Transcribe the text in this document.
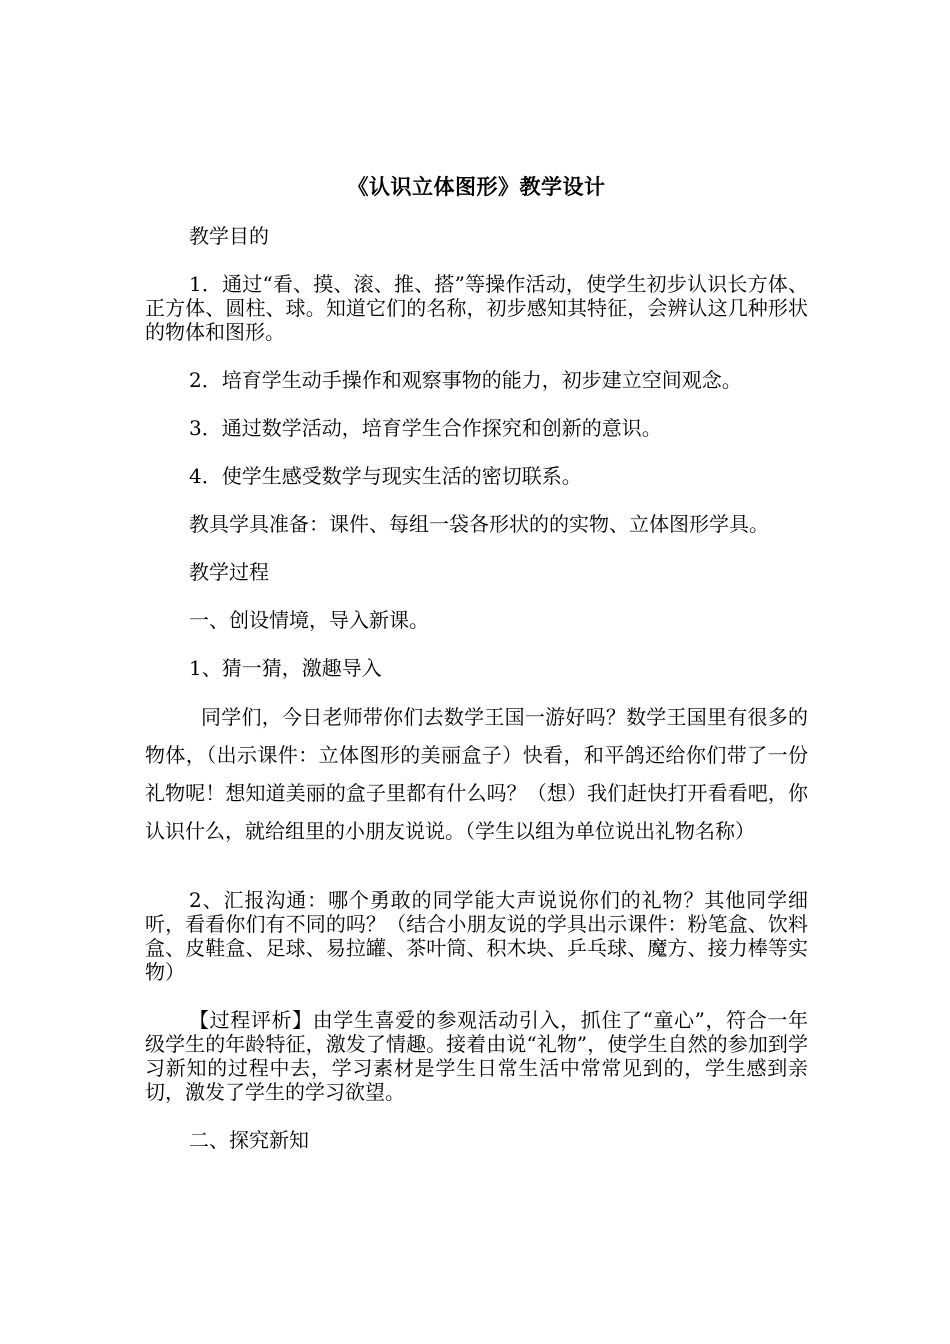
《认识立体图形》教学设计

教学目的

1．通过“看、摸、滚、推、搭”等操作活动，使学生初步认识长方体、正方体、圆柱、球。知道它们的名称，初步感知其特征，会辨认这几种形状的物体和图形。

2．培育学生动手操作和观察事物的能力，初步建立空间观念。

3．通过数学活动，培育学生合作探究和创新的意识。

4．使学生感受数学与现实生活的密切联系。

教具学具准备：课件、每组一袋各形状的的实物、立体图形学具。

教学过程

一、创设情境，导入新课。

1、猜一猜，激趣导入

同学们，今日老师带你们去数学王国一游好吗？数学王国里有很多的物体，（出示课件：立体图形的美丽盒子）快看，和平鸽还给你们带了一份礼物呢！想知道美丽的盒子里都有什么吗？（想）我们赶快打开看看吧，你认识什么，就给组里的小朋友说说。（学生以组为单位说出礼物名称）

2、汇报沟通：哪个勇敢的同学能大声说说你们的礼物？其他同学细听，看看你们有不同的吗？（结合小朋友说的学具出示课件：粉笔盒、饮料盒、皮鞋盒、足球、易拉罐、茶叶筒、积木块、乒乓球、魔方、接力棒等实物）

【过程评析】由学生喜爱的参观活动引入，抓住了“童心”，符合一年级学生的年龄特征，激发了情趣。接着由说“礼物”，使学生自然的参加到学习新知的过程中去，学习素材是学生日常生活中常常见到的，学生感到亲切，激发了学生的学习欲望。

二、探究新知
